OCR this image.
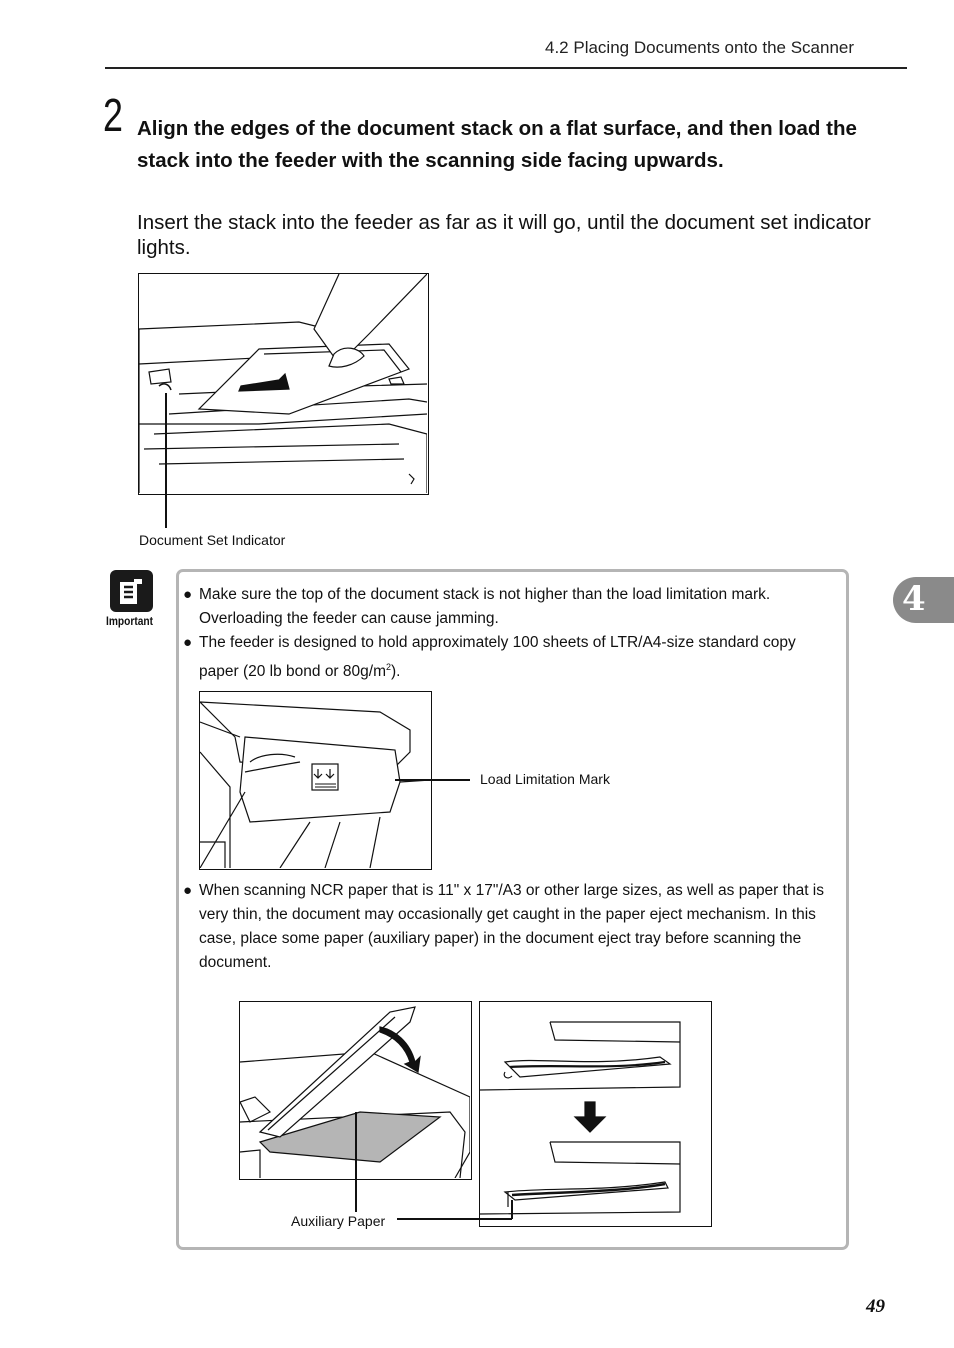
4.2 Placing Documents onto the Scanner
2 Align the edges of the document stack on a flat surface, and then load the stack into the feeder with the scanning side facing upwards.
Insert the stack into the feeder as far as it will go, until the document set indicator lights.
Document Set Indicator
Important
● Make sure the top of the document stack is not higher than the load limitation mark. Overloading the feeder can cause jamming.
● The feeder is designed to hold approximately 100 sheets of LTR/A4-size standard copy paper (20 lb bond or $80g/m^2$).
Load Limitation Mark
● When scanning NCR paper that is 11" x 17"/A3 or other large sizes, as well as paper that is very thin, the document may occasionally get caught in the paper eject mechanism. In this case, place some paper (auxiliary paper) in the document eject tray before scanning the document.
Auxiliary Paper
4
49
